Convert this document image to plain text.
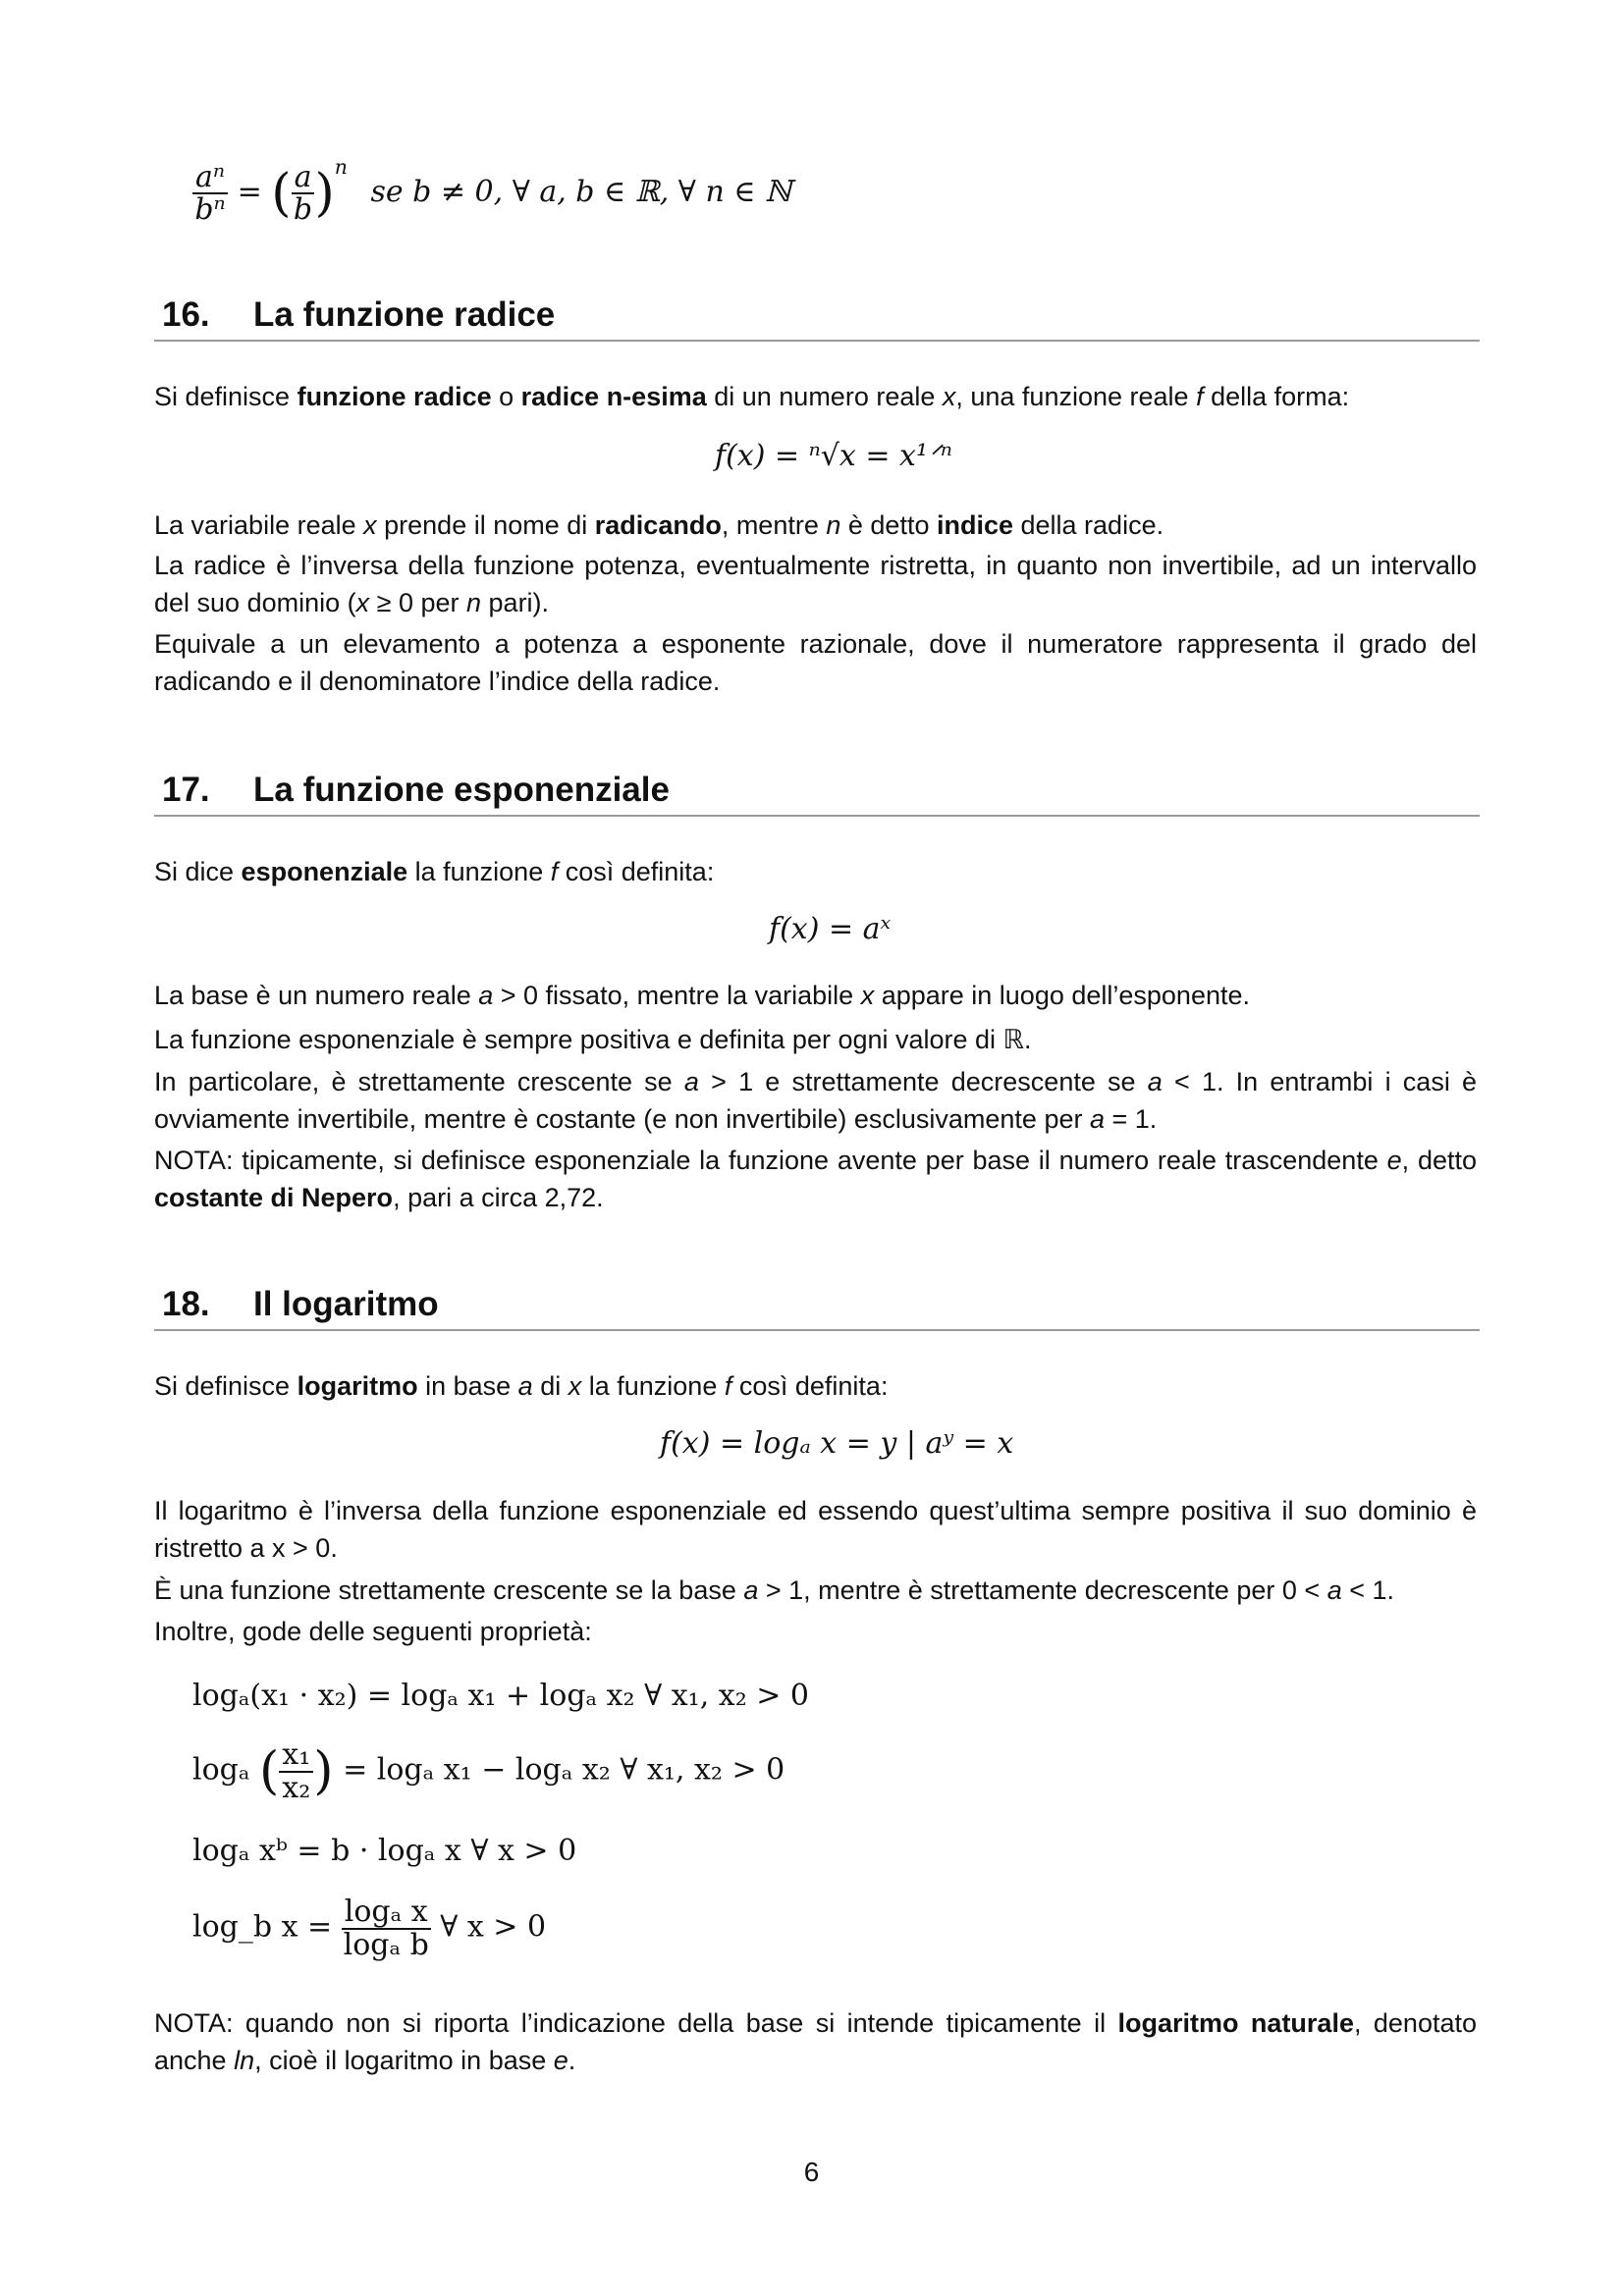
$\frac{\text{aⁿ}}{\text{bⁿ}}$ = ( $\frac{a}{b} )^n$ se b ≠ 0, ∀ a, b ∈ ℝ, ∀ n ∈ ℕ
16. La funzione radice
Si definisce funzione radice o radice n-esima di un numero reale x, una funzione reale f della forma:
f(x) = ⁿ√x = x¹ᐟⁿ
La variabile reale x prende il nome di radicando, mentre n è detto indice della radice.
La radice è l’inversa della funzione potenza, eventualmente ristretta, in quanto non invertibile, ad un intervallo del suo dominio (x ≥ 0 per n pari).
Equivale a un elevamento a potenza a esponente razionale, dove il numeratore rappresenta il grado del radicando e il denominatore l’indice della radice.
17. La funzione esponenziale
Si dice esponenziale la funzione f così definita:
f(x) = aˣ
La base è un numero reale a > 0 fissato, mentre la variabile x appare in luogo dell’esponente.
La funzione esponenziale è sempre positiva e definita per ogni valore di ℝ.
In particolare, è strettamente crescente se a > 1 e strettamente decrescente se a < 1. In entrambi i casi è ovviamente invertibile, mentre è costante (e non invertibile) esclusivamente per a = 1.
NOTA: tipicamente, si definisce esponenziale la funzione avente per base il numero reale trascendente e, detto costante di Nepero, pari a circa 2,72.
18. Il logaritmo
Si definisce logaritmo in base a di x la funzione f così definita:
f(x) = logₐ x = y | aʸ = x
Il logaritmo è l’inversa della funzione esponenziale ed essendo quest’ultima sempre positiva il suo dominio è ristretto a x > 0.
È una funzione strettamente crescente se la base a > 1, mentre è strettamente decrescente per 0 < a < 1.
Inoltre, gode delle seguenti proprietà:
logₐ(x₁ · x₂) = logₐ x₁ + logₐ x₂ ∀ x₁, x₂ > 0
logₐ ( $\frac{\text{x₁}}{\text{x₂}}$ ) = logₐ x₁ − logₐ x₂ ∀ x₁, x₂ > 0
logₐ xᵇ = b · logₐ x ∀ x > 0
log_b $x = \frac{\text{logₐ x}}{\text{logₐ b}}$ ∀ x > 0
NOTA: quando non si riporta l’indicazione della base si intende tipicamente il logaritmo naturale, denotato anche ln, cioè il logaritmo in base e.
6
